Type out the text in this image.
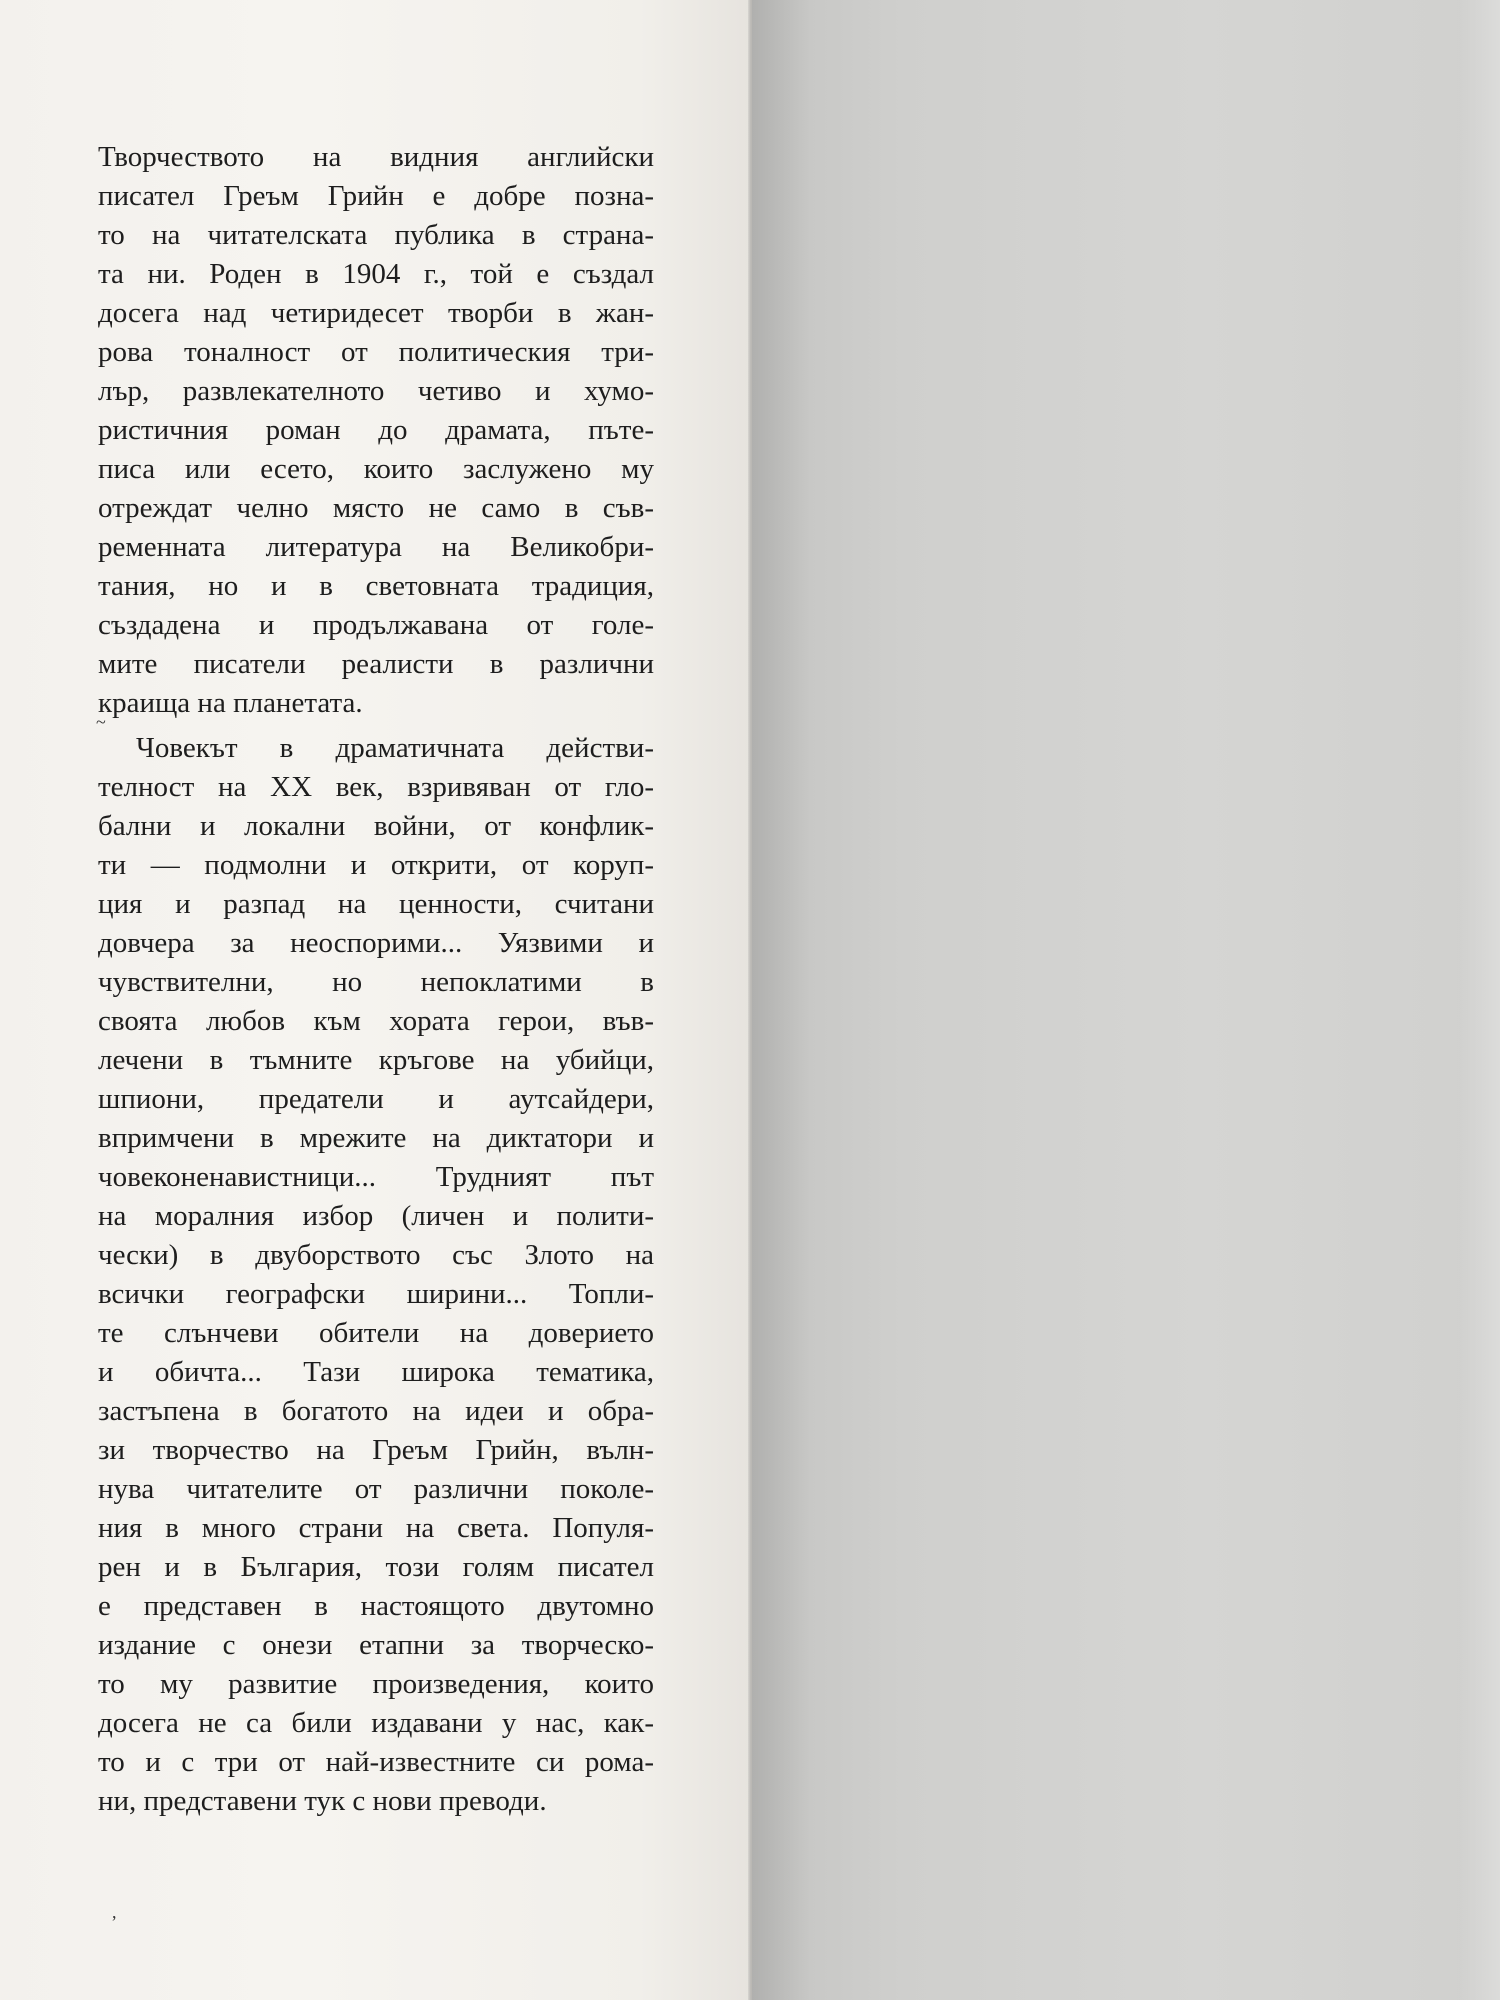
Творчеството на видния английски
писател Греъм Грийн е добре позна-
то на читателската публика в страна-
та ни. Роден в 1904 г., той е създал
досега над четиридесет творби в жан-
рова тоналност от политическия три-
лър, развлекателното четиво и хумо-
ристичния роман до драмата, пъте-
писа или есето, които заслужено му
отреждат челно място не само в съв-
ременната литература на Великобри-
тания, но и в световната традиция,
създадена и продължавана от голе-
мите писатели реалисти в различни
краища на планетата.
Човекът в драматичната действи-
телност на XX век, взривяван от гло-
бални и локални войни, от конфлик-
ти — подмолни и открити, от коруп-
ция и разпад на ценности, считани
довчера за неоспорими... Уязвими и
чувствителни, но непоклатими в
своята любов към хората герои, във-
лечени в тъмните кръгове на убийци,
шпиони, предатели и аутсайдери,
впримчени в мрежите на диктатори и
човеконенавистници... Трудният път
на моралния избор (личен и полити-
чески) в двуборството със Злото на
всички географски ширини... Топли-
те слънчеви обители на доверието
и обичта... Тази широка тематика,
застъпена в богатото на идеи и обра-
зи творчество на Греъм Грийн, вълн-
нува читателите от различни поколе-
ния в много страни на света. Популя-
рен и в България, този голям писател
е представен в настоящото двутомно
издание с онези етапни за творческо-
то му развитие произведения, които
досега не са били издавани у нас, как-
то и с три от най-известните си рома-
ни, представени тук с нови преводи.
~
,
